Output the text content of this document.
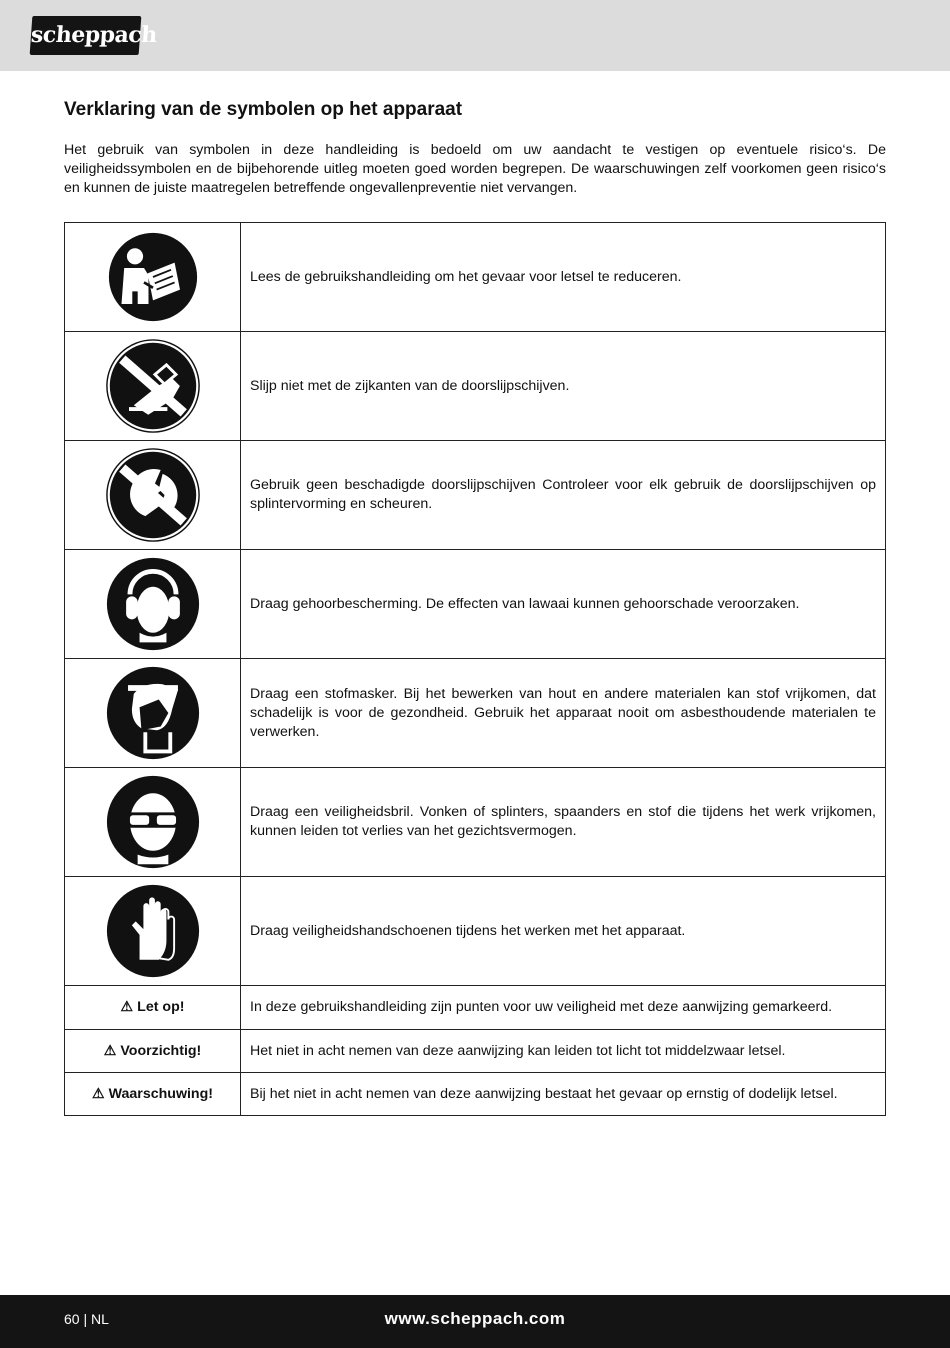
scheppach
Verklaring van de symbolen op het apparaat

Het gebruik van symbolen in deze handleiding is bedoeld om uw aandacht te vestigen op eventuele risico‘s. De veiligheidssymbolen en de bijbehorende uitleg moeten goed worden begrepen. De waarschuwingen zelf voorkomen geen risico‘s en kunnen de juiste maatregelen betreffende ongevallenpreventie niet vervangen.

	Lees de gebruikshandleiding om het gevaar voor letsel te reduceren.

	Slijp niet met de zijkanten van de doorslijpschijven.

	Gebruik geen beschadigde doorslijpschijven Controleer voor elk gebruik de doorslijpschijven op splintervorming en scheuren.

	Draag gehoorbescherming. De effecten van lawaai kunnen gehoorschade veroorzaken.

	Draag een stofmasker. Bij het bewerken van hout en andere materialen kan stof vrijkomen, dat schadelijk is voor de gezondheid. Gebruik het apparaat nooit om asbesthoudende materialen te verwerken.

	Draag een veiligheidsbril. Vonken of splinters, spaanders en stof die tijdens het werk vrijkomen, kunnen leiden tot verlies van het gezichtsvermogen.

	Draag veiligheidshandschoenen tijdens het werken met het apparaat.
⚠ Let op!	In deze gebruikshandleiding zijn punten voor uw veiligheid met deze aanwijzing gemarkeerd.
⚠ Voorzichtig!	Het niet in acht nemen van deze aanwijzing kan leiden tot licht tot middelzwaar letsel.
⚠ Waarschuwing!	Bij het niet in acht nemen van deze aanwijzing bestaat het gevaar op ernstig of dodelijk letsel.
60 | NL	www.scheppach.com
